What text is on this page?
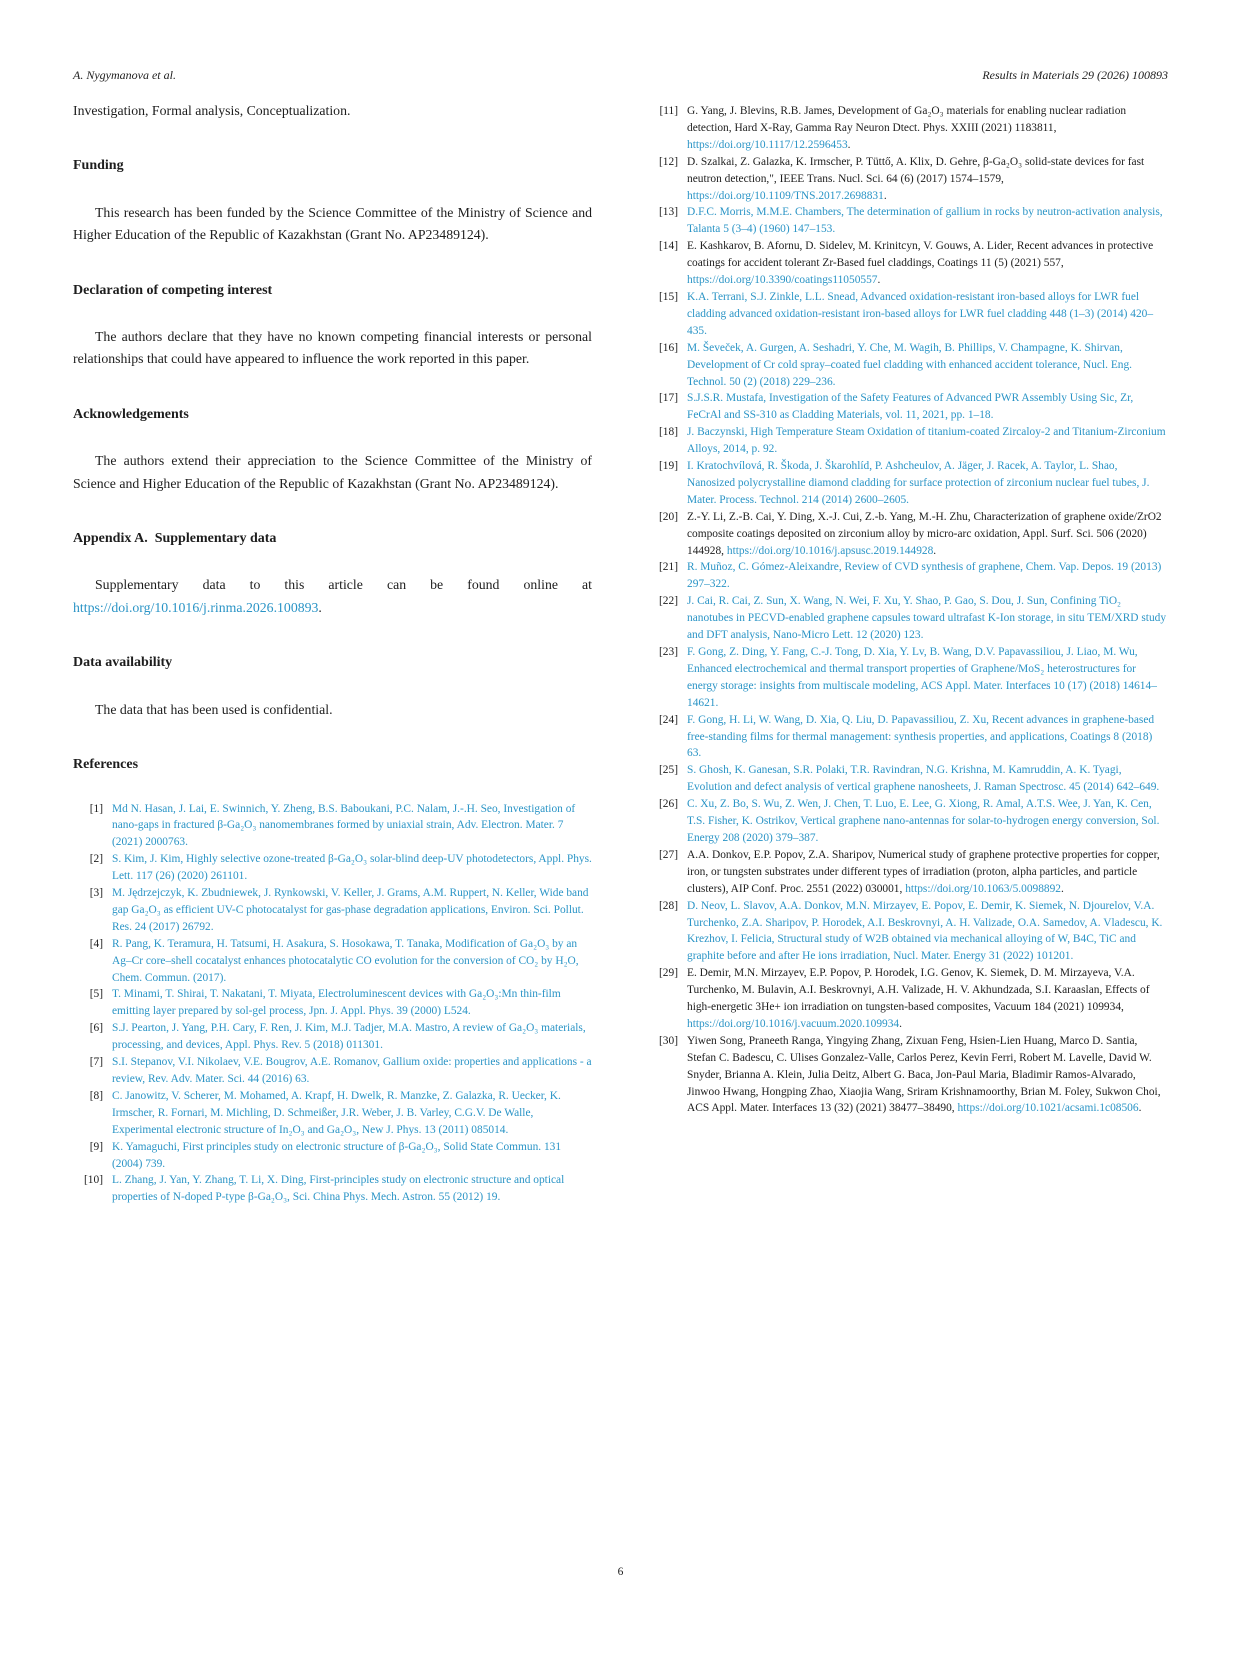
A. Nygymanova et al.	Results in Materials 29 (2026) 100893
Investigation, Formal analysis, Conceptualization.
Funding

This research has been funded by the Science Committee of the Ministry of Science and Higher Education of the Republic of Kazakhstan (Grant No. AP23489124).

Declaration of competing interest

The authors declare that they have no known competing financial interests or personal relationships that could have appeared to influence the work reported in this paper.

Acknowledgements

The authors extend their appreciation to the Science Committee of the Ministry of Science and Higher Education of the Republic of Kazakhstan (Grant No. AP23489124).

Appendix A.  Supplementary data

Supplementary data to this article can be found online at https://doi.org/10.1016/j.rinma.2026.100893.

Data availability

The data that has been used is confidential.

References
[1] Md N. Hasan, J. Lai, E. Swinnich, Y. Zheng, B.S. Baboukani, P.C. Nalam, J.-.H. Seo, Investigation of nano-gaps in fractured β-Ga₂O₃ nanomembranes formed by uniaxial strain, Adv. Electron. Mater. 7 (2021) 2000763.
[2] S. Kim, J. Kim, Highly selective ozone-treated β-Ga₂O₃ solar-blind deep-UV photodetectors, Appl. Phys. Lett. 117 (26) (2020) 261101.
[3] M. Jędrzejczyk, K. Zbudniewek, J. Rynkowski, V. Keller, J. Grams, A.M. Ruppert, N. Keller, Wide band gap Ga₂O₃ as efficient UV-C photocatalyst for gas-phase degradation applications, Environ. Sci. Pollut. Res. 24 (2017) 26792.
[4] R. Pang, K. Teramura, H. Tatsumi, H. Asakura, S. Hosokawa, T. Tanaka, Modification of Ga₂O₃ by an Ag–Cr core–shell cocatalyst enhances photocatalytic CO evolution for the conversion of CO₂ by H₂O, Chem. Commun. (2017).
[5] T. Minami, T. Shirai, T. Nakatani, T. Miyata, Electroluminescent devices with Ga₂O₃:Mn thin-film emitting layer prepared by sol-gel process, Jpn. J. Appl. Phys. 39 (2000) L524.
[6] S.J. Pearton, J. Yang, P.H. Cary, F. Ren, J. Kim, M.J. Tadjer, M.A. Mastro, A review of Ga₂O₃ materials, processing, and devices, Appl. Phys. Rev. 5 (2018) 011301.
[7] S.I. Stepanov, V.I. Nikolaev, V.E. Bougrov, A.E. Romanov, Gallium oxide: properties and applications - a review, Rev. Adv. Mater. Sci. 44 (2016) 63.
[8] C. Janowitz, V. Scherer, M. Mohamed, A. Krapf, H. Dwelk, R. Manzke, Z. Galazka, R. Uecker, K. Irmscher, R. Fornari, M. Michling, D. Schmeißer, J.R. Weber, J. B. Varley, C.G.V. De Walle, Experimental electronic structure of In₂O₃ and Ga₂O₃, New J. Phys. 13 (2011) 085014.
[9] K. Yamaguchi, First principles study on electronic structure of β-Ga₂O₃, Solid State Commun. 131 (2004) 739.
[10] L. Zhang, J. Yan, Y. Zhang, T. Li, X. Ding, First-principles study on electronic structure and optical properties of N-doped P-type β-Ga₂O₃, Sci. China Phys. Mech. Astron. 55 (2012) 19.
[11] G. Yang, J. Blevins, R.B. James, Development of Ga₂O₃ materials for enabling nuclear radiation detection, Hard X-Ray, Gamma Ray Neuron Dtect. Phys. XXIII (2021) 1183811, https://doi.org/10.1117/12.2596453.
[12] D. Szalkai, Z. Galazka, K. Irmscher, P. Tüttő, A. Klix, D. Gehre, β-Ga₂O₃ solid-state devices for fast neutron detection,", IEEE Trans. Nucl. Sci. 64 (6) (2017) 1574–1579, https://doi.org/10.1109/TNS.2017.2698831.
[13] D.F.C. Morris, M.M.E. Chambers, The determination of gallium in rocks by neutron-activation analysis, Talanta 5 (3–4) (1960) 147–153.
[14] E. Kashkarov, B. Afornu, D. Sidelev, M. Krinitcyn, V. Gouws, A. Lider, Recent advances in protective coatings for accident tolerant Zr-Based fuel claddings, Coatings 11 (5) (2021) 557, https://doi.org/10.3390/coatings11050557.
[15] K.A. Terrani, S.J. Zinkle, L.L. Snead, Advanced oxidation-resistant iron-based alloys for LWR fuel cladding advanced oxidation-resistant iron-based alloys for LWR fuel cladding 448 (1–3) (2014) 420–435.
[16] M. Ševeček, A. Gurgen, A. Seshadri, Y. Che, M. Wagih, B. Phillips, V. Champagne, K. Shirvan, Development of Cr cold spray–coated fuel cladding with enhanced accident tolerance, Nucl. Eng. Technol. 50 (2) (2018) 229–236.
[17] S.J.S.R. Mustafa, Investigation of the Safety Features of Advanced PWR Assembly Using Sic, Zr, FeCrAl and SS-310 as Cladding Materials, vol. 11, 2021, pp. 1–18.
[18] J. Baczynski, High Temperature Steam Oxidation of titanium-coated Zircaloy-2 and Titanium-Zirconium Alloys, 2014, p. 92.
[19] I. Kratochvílová, R. Škoda, J. Škarohlíd, P. Ashcheulov, A. Jäger, J. Racek, A. Taylor, L. Shao, Nanosized polycrystalline diamond cladding for surface protection of zirconium nuclear fuel tubes, J. Mater. Process. Technol. 214 (2014) 2600–2605.
[20] Z.-Y. Li, Z.-B. Cai, Y. Ding, X.-J. Cui, Z.-b. Yang, M.-H. Zhu, Characterization of graphene oxide/ZrO2 composite coatings deposited on zirconium alloy by micro-arc oxidation, Appl. Surf. Sci. 506 (2020) 144928, https://doi.org/10.1016/j.apsusc.2019.144928.
[21] R. Muñoz, C. Gómez-Aleixandre, Review of CVD synthesis of graphene, Chem. Vap. Depos. 19 (2013) 297–322.
[22] J. Cai, R. Cai, Z. Sun, X. Wang, N. Wei, F. Xu, Y. Shao, P. Gao, S. Dou, J. Sun, Confining TiO₂ nanotubes in PECVD-enabled graphene capsules toward ultrafast K-Ion storage, in situ TEM/XRD study and DFT analysis, Nano-Micro Lett. 12 (2020) 123.
[23] F. Gong, Z. Ding, Y. Fang, C.-J. Tong, D. Xia, Y. Lv, B. Wang, D.V. Papavassiliou, J. Liao, M. Wu, Enhanced electrochemical and thermal transport properties of Graphene/MoS₂ heterostructures for energy storage: insights from multiscale modeling, ACS Appl. Mater. Interfaces 10 (17) (2018) 14614–14621.
[24] F. Gong, H. Li, W. Wang, D. Xia, Q. Liu, D. Papavassiliou, Z. Xu, Recent advances in graphene-based free-standing films for thermal management: synthesis properties, and applications, Coatings 8 (2018) 63.
[25] S. Ghosh, K. Ganesan, S.R. Polaki, T.R. Ravindran, N.G. Krishna, M. Kamruddin, A. K. Tyagi, Evolution and defect analysis of vertical graphene nanosheets, J. Raman Spectrosc. 45 (2014) 642–649.
[26] C. Xu, Z. Bo, S. Wu, Z. Wen, J. Chen, T. Luo, E. Lee, G. Xiong, R. Amal, A.T.S. Wee, J. Yan, K. Cen, T.S. Fisher, K. Ostrikov, Vertical graphene nano-antennas for solar-to-hydrogen energy conversion, Sol. Energy 208 (2020) 379–387.
[27] A.A. Donkov, E.P. Popov, Z.A. Sharipov, Numerical study of graphene protective properties for copper, iron, or tungsten substrates under different types of irradiation (proton, alpha particles, and particle clusters), AIP Conf. Proc. 2551 (2022) 030001, https://doi.org/10.1063/5.0098892.
[28] D. Neov, L. Slavov, A.A. Donkov, M.N. Mirzayev, E. Popov, E. Demir, K. Siemek, N. Djourelov, V.A. Turchenko, Z.A. Sharipov, P. Horodek, A.I. Beskrovnyi, A. H. Valizade, O.A. Samedov, A. Vladescu, K. Krezhov, I. Felicia, Structural study of W2B obtained via mechanical alloying of W, B4C, TiC and graphite before and after He ions irradiation, Nucl. Mater. Energy 31 (2022) 101201.
[29] E. Demir, M.N. Mirzayev, E.P. Popov, P. Horodek, I.G. Genov, K. Siemek, D. M. Mirzayeva, V.A. Turchenko, M. Bulavin, A.I. Beskrovnyi, A.H. Valizade, H. V. Akhundzada, S.I. Karaaslan, Effects of high-energetic 3He+ ion irradiation on tungsten-based composites, Vacuum 184 (2021) 109934, https://doi.org/10.1016/j.vacuum.2020.109934.
[30] Yiwen Song, Praneeth Ranga, Yingying Zhang, Zixuan Feng, Hsien-Lien Huang, Marco D. Santia, Stefan C. Badescu, C. Ulises Gonzalez-Valle, Carlos Perez, Kevin Ferri, Robert M. Lavelle, David W. Snyder, Brianna A. Klein, Julia Deitz, Albert G. Baca, Jon-Paul Maria, Bladimir Ramos-Alvarado, Jinwoo Hwang, Hongping Zhao, Xiaojia Wang, Sriram Krishnamoorthy, Brian M. Foley, Sukwon Choi, ACS Appl. Mater. Interfaces 13 (32) (2021) 38477–38490, https://doi.org/10.1021/acsami.1c08506.
6
